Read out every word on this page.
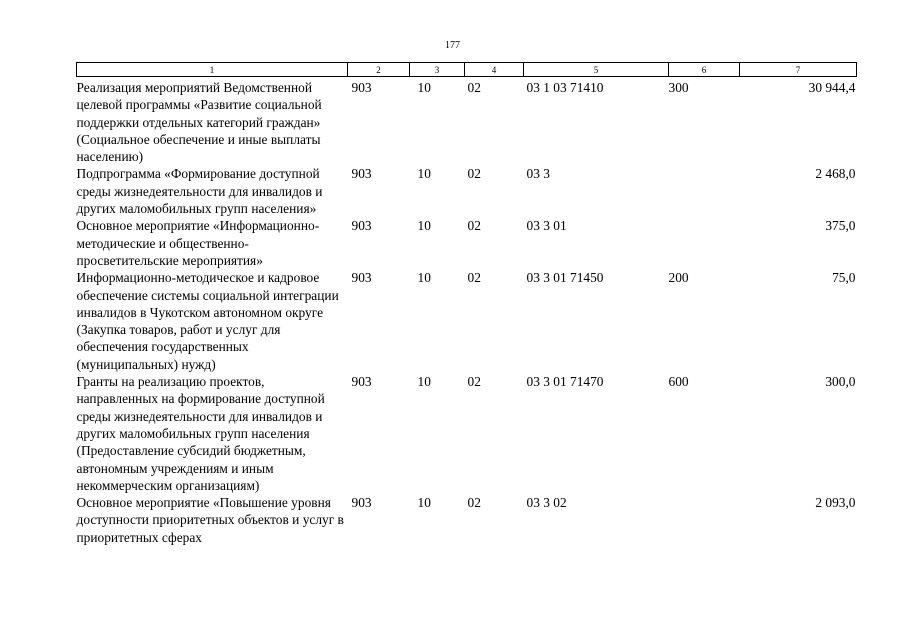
177
1	2	3	4	5	6	7
Реализация мероприятий Ведомственной целевой программы «Развитие социальной поддержки отдельных категорий граждан» (Социальное обеспечение и иные выплаты населению)	903	10	02	03 1 03 71410	300	30 944,4
Подпрограмма «Формирование доступной среды жизнедеятельности для инвалидов и других маломобильных групп населения»	903	10	02	03 3		2 468,0
Основное мероприятие «Информационно-методические и общественно-просветительские мероприятия»	903	10	02	03 3 01		375,0
Информационно-методическое и кадровое обеспечение системы социальной интеграции инвалидов в Чукотском автономном округе (Закупка товаров, работ и услуг для обеспечения государственных (муниципальных) нужд)	903	10	02	03 3 01 71450	200	75,0
Гранты на реализацию проектов, направленных на формирование доступной среды жизнедеятельности для инвалидов и других маломобильных групп населения (Предоставление субсидий бюджетным, автономным учреждениям и иным некоммерческим организациям)	903	10	02	03 3 01 71470	600	300,0
Основное мероприятие «Повышение уровня доступности приоритетных объектов и услуг в приоритетных сферах	903	10	02	03 3 02		2 093,0
